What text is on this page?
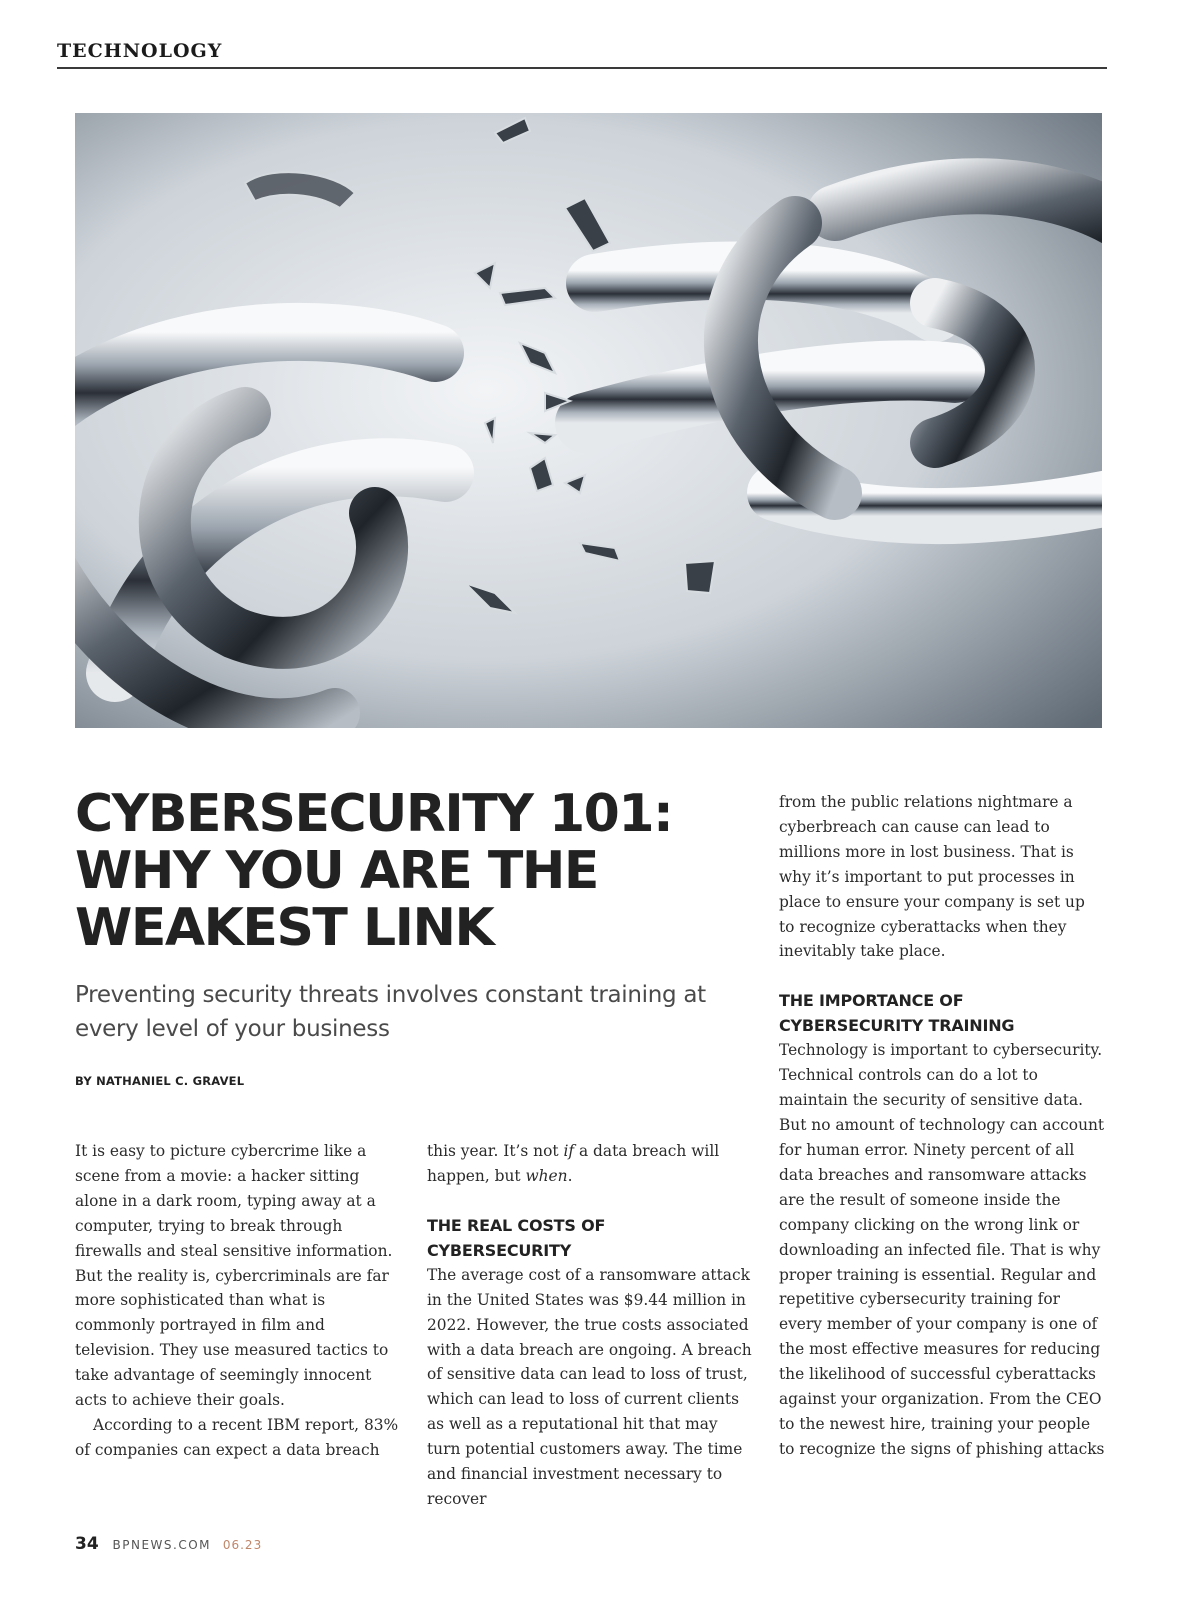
TECHNOLOGY
CYBERSECURITY 101:
WHY YOU ARE THE
WEAKEST LINK

Preventing security threats involves constant training at every level of your business

BY NATHANIEL C. GRAVEL

It is easy to picture cybercrime like a scene from a movie: a hacker sitting alone in a dark room, typing away at a computer, trying to break through firewalls and steal sensitive information. But the reality is, cybercriminals are far more sophisticated than what is commonly portrayed in film and television. They use measured tactics to take advantage of seemingly innocent acts to achieve their goals.

According to a recent IBM report, 83% of companies can expect a data breach

this year. It’s not if a data breach will happen, but when.

THE REAL COSTS OF CYBERSECURITY

The average cost of a ransomware attack in the United States was $9.44 million in 2022. However, the true costs associated with a data breach are ongoing. A breach of sensitive data can lead to loss of trust, which can lead to loss of current clients as well as a reputational hit that may turn potential customers away. The time and financial investment necessary to recover

from the public relations nightmare a cyberbreach can cause can lead to millions more in lost business. That is why it’s important to put processes in place to ensure your company is set up to recognize cyberattacks when they inevitably take place.

THE IMPORTANCE OF
CYBERSECURITY TRAINING

Technology is important to cybersecurity. Technical controls can do a lot to maintain the security of sensitive data. But no amount of technology can account for human error. Ninety percent of all data breaches and ransomware attacks are the result of someone inside the company clicking on the wrong link or downloading an infected file. That is why proper training is essential. Regular and repetitive cybersecurity training for every member of your company is one of the most effective measures for reducing the likelihood of successful cyberattacks against your organization. From the CEO to the newest hire, training your people to recognize the signs of phishing attacks

34 BPNEWS.COM 06.23
